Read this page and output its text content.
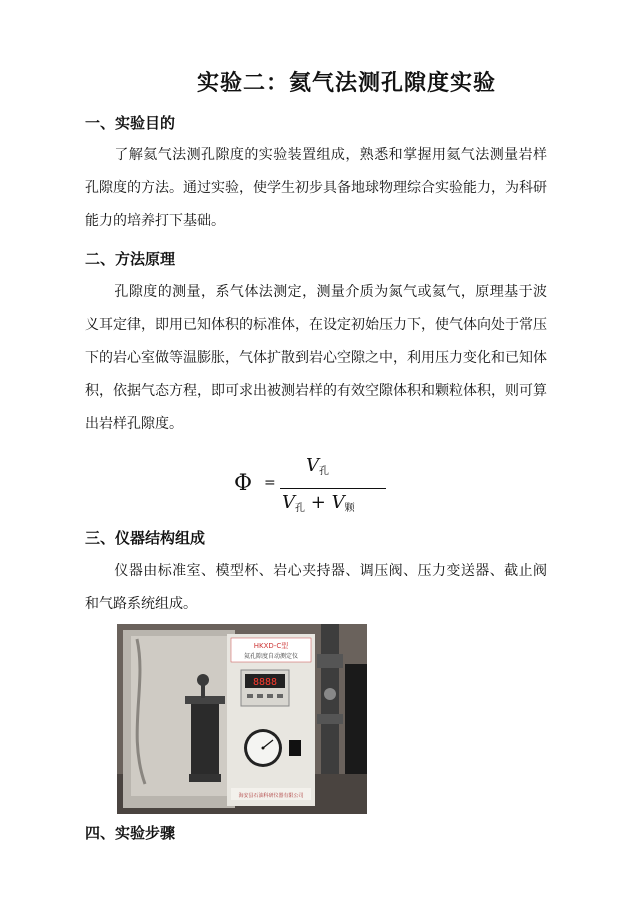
实验二：氦气法测孔隙度实验
一、实验目的
了解氦气法测孔隙度的实验装置组成，熟悉和掌握用氦气法测量岩样孔隙度的方法。通过实验，使学生初步具备地球物理综合实验能力，为科研能力的培养打下基础。
二、方法原理
孔隙度的测量，系气体法测定，测量介质为氮气或氦气，原理基于波义耳定律，即用已知体积的标准体，在设定初始压力下，使气体向处于常压下的岩心室做等温膨胀，气体扩散到岩心空隙之中，利用压力变化和已知体积，依据气态方程，即可求出被测岩样的有效空隙体积和颗粒体积，则可算出岩样孔隙度。
Φ =
$V_孔$
$V_孔 + V_颗$
三、仪器结构组成
仪器由标准室、模型杯、岩心夹持器、调压阀、压力变送器、截止阀和气路系统组成。
HKXD-C型
氦孔隙度自动测定仪
8888
海安县石油科研仪器有限公司
四、实验步骤
